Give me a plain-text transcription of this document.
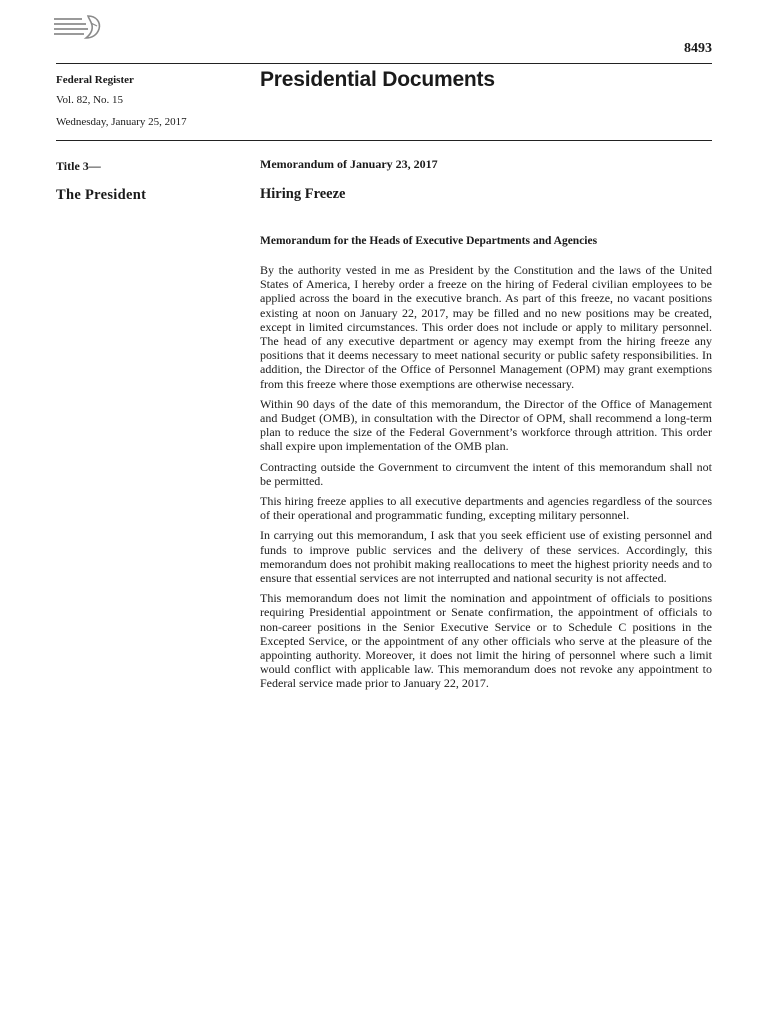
8493
Federal Register
Vol. 82, No. 15
Wednesday, January 25, 2017
Presidential Documents
Title 3—
The President
Memorandum of January 23, 2017
Hiring Freeze
Memorandum for the Heads of Executive Departments and Agencies

By the authority vested in me as President by the Constitution and the laws of the United States of America, I hereby order a freeze on the hiring of Federal civilian employees to be applied across the board in the executive branch. As part of this freeze, no vacant positions existing at noon on January 22, 2017, may be filled and no new positions may be created, except in limited circumstances. This order does not include or apply to military personnel. The head of any executive department or agency may exempt from the hiring freeze any positions that it deems necessary to meet national security or public safety responsibilities. In addition, the Director of the Office of Personnel Management (OPM) may grant exemptions from this freeze where those exemptions are otherwise necessary.

Within 90 days of the date of this memorandum, the Director of the Office of Management and Budget (OMB), in consultation with the Director of OPM, shall recommend a long-term plan to reduce the size of the Federal Government’s workforce through attrition. This order shall expire upon implementation of the OMB plan.

Contracting outside the Government to circumvent the intent of this memorandum shall not be permitted.

This hiring freeze applies to all executive departments and agencies regardless of the sources of their operational and programmatic funding, excepting military personnel.

In carrying out this memorandum, I ask that you seek efficient use of existing personnel and funds to improve public services and the delivery of these services. Accordingly, this memorandum does not prohibit making reallocations to meet the highest priority needs and to ensure that essential services are not interrupted and national security is not affected.

This memorandum does not limit the nomination and appointment of officials to positions requiring Presidential appointment or Senate confirmation, the appointment of officials to non-career positions in the Senior Executive Service or to Schedule C positions in the Excepted Service, or the appointment of any other officials who serve at the pleasure of the appointing authority. Moreover, it does not limit the hiring of personnel where such a limit would conflict with applicable law. This memorandum does not revoke any appointment to Federal service made prior to January 22, 2017.
